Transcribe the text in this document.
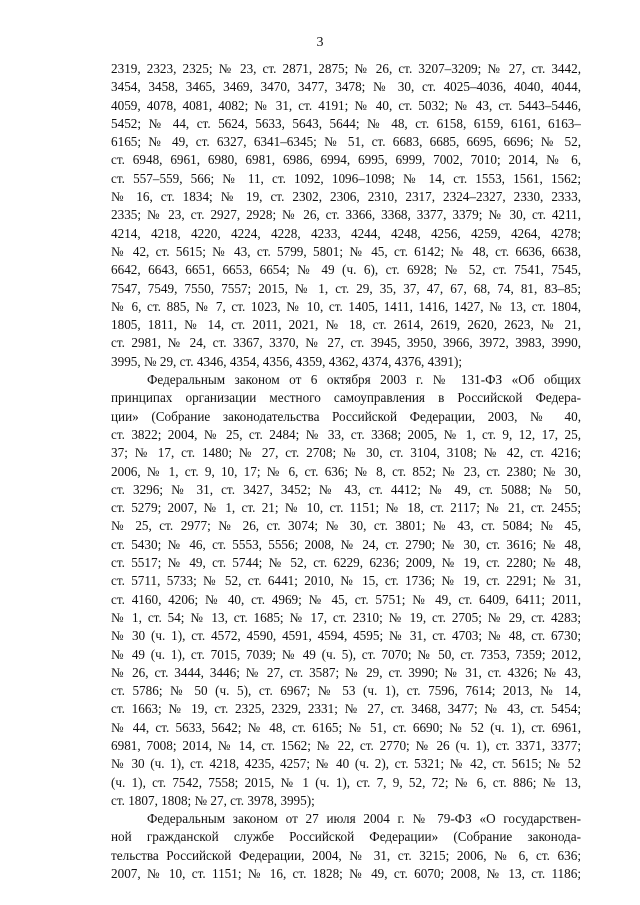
3
2319, 2323, 2325; № 23, ст. 2871, 2875; № 26, ст. 3207–3209; № 27, ст. 3442,
3454, 3458, 3465, 3469, 3470, 3477, 3478; № 30, ст. 4025–4036, 4040, 4044,
4059, 4078, 4081, 4082; № 31, ст. 4191; № 40, ст. 5032; № 43, ст. 5443–5446,
5452; № 44, ст. 5624, 5633, 5643, 5644; № 48, ст. 6158, 6159, 6161, 6163–
6165; № 49, ст. 6327, 6341–6345; № 51, ст. 6683, 6685, 6695, 6696; № 52,
ст. 6948, 6961, 6980, 6981, 6986, 6994, 6995, 6999, 7002, 7010; 2014, № 6,
ст. 557–559, 566; № 11, ст. 1092, 1096–1098; № 14, ст. 1553, 1561, 1562;
№ 16, ст. 1834; № 19, ст. 2302, 2306, 2310, 2317, 2324–2327, 2330, 2333,
2335; № 23, ст. 2927, 2928; № 26, ст. 3366, 3368, 3377, 3379; № 30, ст. 4211,
4214, 4218, 4220, 4224, 4228, 4233, 4244, 4248, 4256, 4259, 4264, 4278;
№ 42, ст. 5615; № 43, ст. 5799, 5801; № 45, ст. 6142; № 48, ст. 6636, 6638,
6642, 6643, 6651, 6653, 6654; № 49 (ч. 6), ст. 6928; № 52, ст. 7541, 7545,
7547, 7549, 7550, 7557; 2015, № 1, ст. 29, 35, 37, 47, 67, 68, 74, 81, 83–85;
№ 6, ст. 885, № 7, ст. 1023, № 10, ст. 1405, 1411, 1416, 1427, № 13, ст. 1804,
1805, 1811, № 14, ст. 2011, 2021, № 18, ст. 2614, 2619, 2620, 2623, № 21,
ст. 2981, № 24, ст. 3367, 3370, № 27, ст. 3945, 3950, 3966, 3972, 3983, 3990,
3995, № 29, ст. 4346, 4354, 4356, 4359, 4362, 4374, 4376, 4391);
Федеральным законом от 6 октября 2003 г. № 131-ФЗ «Об общих
принципах организации местного самоуправления в Российской Федера-
ции» (Собрание законодательства Российской Федерации, 2003, № 40,
ст. 3822; 2004, № 25, ст. 2484; № 33, ст. 3368; 2005, № 1, ст. 9, 12, 17, 25,
37; № 17, ст. 1480; № 27, ст. 2708; № 30, ст. 3104, 3108; № 42, ст. 4216;
2006, № 1, ст. 9, 10, 17; № 6, ст. 636; № 8, ст. 852; № 23, ст. 2380; № 30,
ст. 3296; № 31, ст. 3427, 3452; № 43, ст. 4412; № 49, ст. 5088; № 50,
ст. 5279; 2007, № 1, ст. 21; № 10, ст. 1151; № 18, ст. 2117; № 21, ст. 2455;
№ 25, ст. 2977; № 26, ст. 3074; № 30, ст. 3801; № 43, ст. 5084; № 45,
ст. 5430; № 46, ст. 5553, 5556; 2008, № 24, ст. 2790; № 30, ст. 3616; № 48,
ст. 5517; № 49, ст. 5744; № 52, ст. 6229, 6236; 2009, № 19, ст. 2280; № 48,
ст. 5711, 5733; № 52, ст. 6441; 2010, № 15, ст. 1736; № 19, ст. 2291; № 31,
ст. 4160, 4206; № 40, ст. 4969; № 45, ст. 5751; № 49, ст. 6409, 6411; 2011,
№ 1, ст. 54; № 13, ст. 1685; № 17, ст. 2310; № 19, ст. 2705; № 29, ст. 4283;
№ 30 (ч. 1), ст. 4572, 4590, 4591, 4594, 4595; № 31, ст. 4703; № 48, ст. 6730;
№ 49 (ч. 1), ст. 7015, 7039; № 49 (ч. 5), ст. 7070; № 50, ст. 7353, 7359; 2012,
№ 26, ст. 3444, 3446; № 27, ст. 3587; № 29, ст. 3990; № 31, ст. 4326; № 43,
ст. 5786; № 50 (ч. 5), ст. 6967; № 53 (ч. 1), ст. 7596, 7614; 2013, № 14,
ст. 1663; № 19, ст. 2325, 2329, 2331; № 27, ст. 3468, 3477; № 43, ст. 5454;
№ 44, ст. 5633, 5642; № 48, ст. 6165; № 51, ст. 6690; № 52 (ч. 1), ст. 6961,
6981, 7008; 2014, № 14, ст. 1562; № 22, ст. 2770; № 26 (ч. 1), ст. 3371, 3377;
№ 30 (ч. 1), ст. 4218, 4235, 4257; № 40 (ч. 2), ст. 5321; № 42, ст. 5615; № 52
(ч. 1), ст. 7542, 7558; 2015, № 1 (ч. 1), ст. 7, 9, 52, 72; № 6, ст. 886; № 13,
ст. 1807, 1808; № 27, ст. 3978, 3995);
Федеральным законом от 27 июля 2004 г. № 79-ФЗ «О государствен-
ной гражданской службе Российской Федерации» (Собрание законода-
тельства Российской Федерации, 2004, № 31, ст. 3215; 2006, № 6, ст. 636;
2007, № 10, ст. 1151; № 16, ст. 1828; № 49, ст. 6070; 2008, № 13, ст. 1186;
